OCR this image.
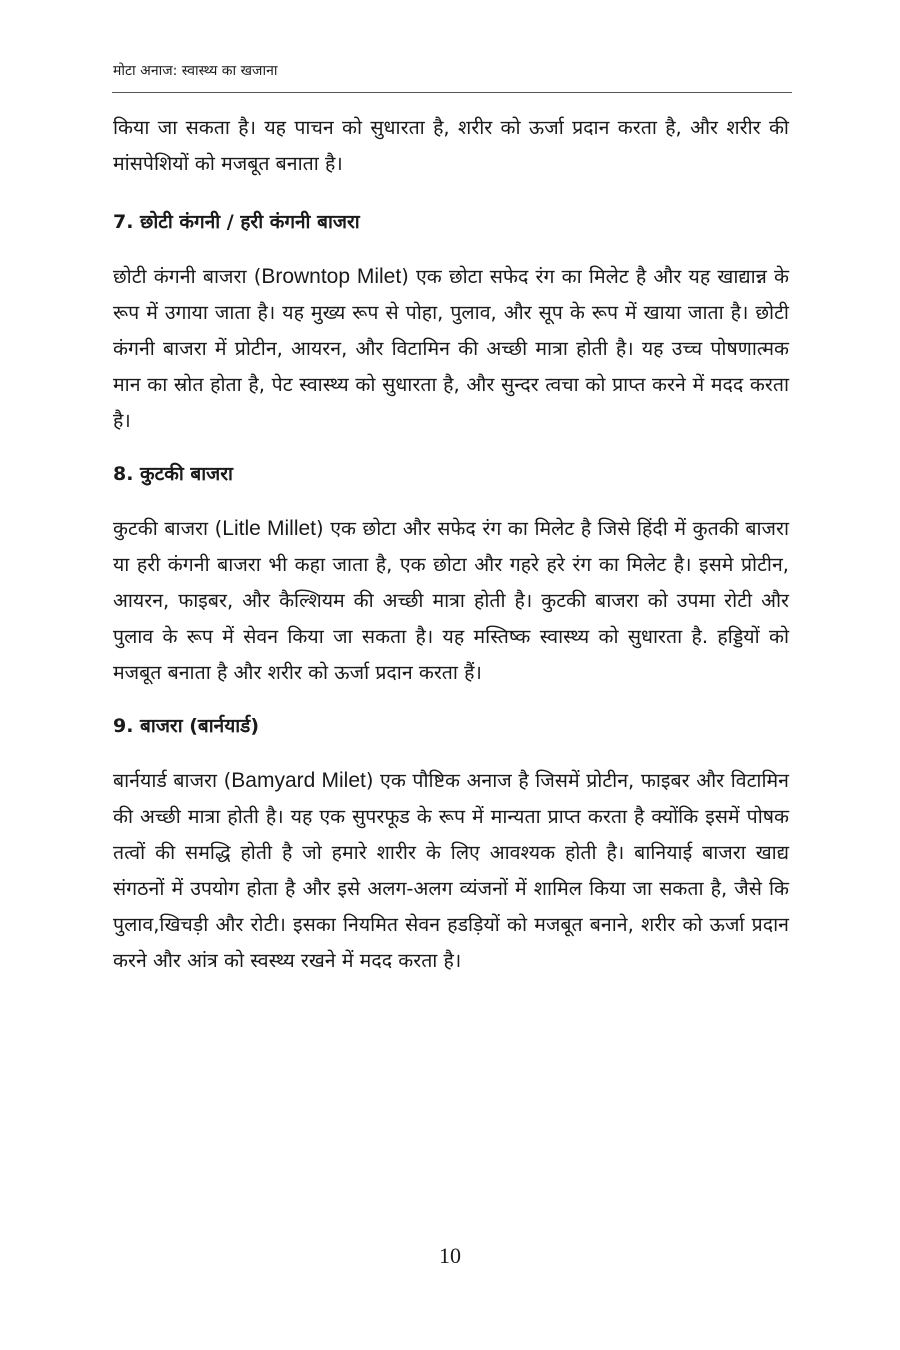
मोटा अनाज: स्वास्थ्य का खजाना

किया जा सकता है। यह पाचन को सुधारता है, शरीर को ऊर्जा प्रदान करता है, और शरीर की मांसपेशियों को मजबूत बनाता है।

7. छोटी कंगनी / हरी कंगनी बाजरा

छोटी कंगनी बाजरा (Browntop Milet) एक छोटा सफेद रंग का मिलेट है और यह खाद्यान्न के रूप में उगाया जाता है। यह मुख्य रूप से पोहा, पुलाव, और सूप के रूप में खाया जाता है। छोटी कंगनी बाजरा में प्रोटीन, आयरन, और विटामिन की अच्छी मात्रा होती है। यह उच्च पोषणात्मक मान का स्रोत होता है, पेट स्वास्थ्य को सुधारता है, और सुन्दर त्वचा को प्राप्त करने में मदद करता है।

8. कुटकी बाजरा

कुटकी बाजरा (Litle Millet) एक छोटा और सफेद रंग का मिलेट है जिसे हिंदी में कुतकी बाजरा या हरी कंगनी बाजरा भी कहा जाता है, एक छोटा और गहरे हरे रंग का मिलेट है। इसमे प्रोटीन, आयरन, फाइबर, और कैल्शियम की अच्छी मात्रा होती है। कुटकी बाजरा को उपमा रोटी और पुलाव के रूप में सेवन किया जा सकता है। यह मस्तिष्क स्वास्थ्य को सुधारता है. हड्डियों को मजबूत बनाता है और शरीर को ऊर्जा प्रदान करता हैं।

9. बाजरा (बार्नयार्ड)

बार्नयार्ड बाजरा (Bamyard Milet) एक पौष्टिक अनाज है जिसमें प्रोटीन, फाइबर और विटामिन की अच्छी मात्रा होती है। यह एक सुपरफूड के रूप में मान्यता प्राप्त करता है क्योंकि इसमें पोषक तत्वों की समद्धि होती है जो हमारे शारीर के लिए आवश्यक होती है। बानियाई बाजरा खाद्य संगठनों में उपयोग होता है और इसे अलग-अलग व्यंजनों में शामिल किया जा सकता है, जैसे कि पुलाव,खिचड़ी और रोटी। इसका नियमित सेवन हडड़ियों को मजबूत बनाने, शरीर को ऊर्जा प्रदान करने और आंत्र को स्वस्थ्य रखने में मदद करता है।

10
